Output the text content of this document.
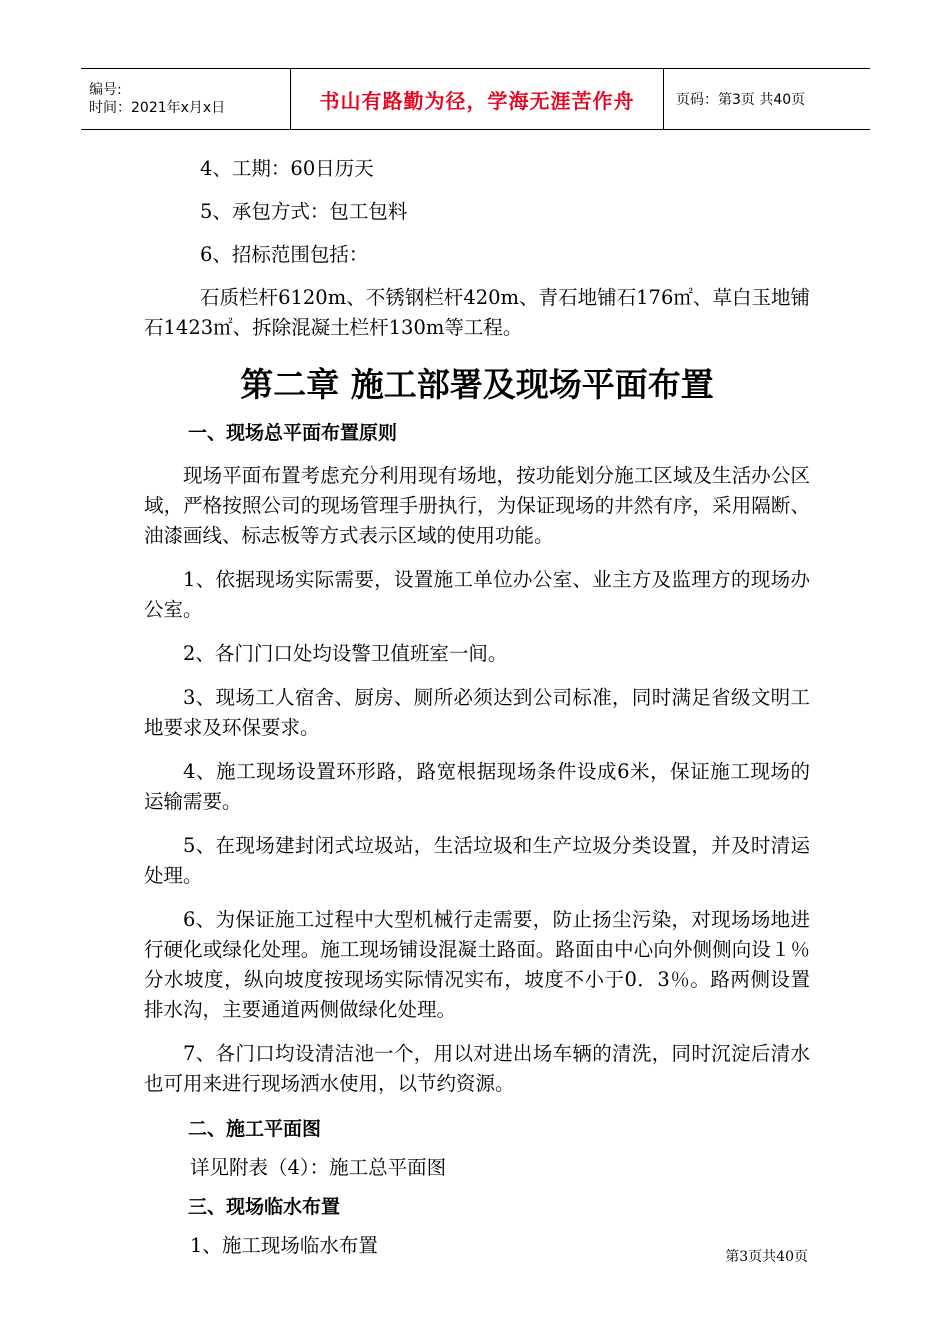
编号:
时间：2021年x月x日	书山有路勤为径，学海无涯苦作舟	页码：第3页 共40页

4、工期：60日历天

5、承包方式：包工包料

6、招标范围包括：

石质栏杆6120m、不锈钢栏杆420m、青石地铺石176㎡、草白玉地铺石1423㎡、拆除混凝土栏杆130m等工程。

第二章 施工部署及现场平面布置
一、现场总平面布置原则

现场平面布置考虑充分利用现有场地，按功能划分施工区域及生活办公区域，严格按照公司的现场管理手册执行，为保证现场的井然有序，采用隔断、油漆画线、标志板等方式表示区域的使用功能。

1、依据现场实际需要，设置施工单位办公室、业主方及监理方的现场办公室。

2、各门门口处均设警卫值班室一间。

3、现场工人宿舍、厨房、厕所必须达到公司标准，同时满足省级文明工地要求及环保要求。

4、施工现场设置环形路，路宽根据现场条件设成6米，保证施工现场的运输需要。

5、在现场建封闭式垃圾站，生活垃圾和生产垃圾分类设置，并及时清运处理。

6、为保证施工过程中大型机械行走需要，防止扬尘污染，对现场场地进行硬化或绿化处理。施工现场铺设混凝土路面。路面由中心向外侧侧向设１％分水坡度，纵向坡度按现场实际情况实布，坡度不小于0．3％。路两侧设置排水沟，主要通道两侧做绿化处理。

7、各门口均设清洁池一个，用以对进出场车辆的清洗，同时沉淀后清水也可用来进行现场洒水使用，以节约资源。

二、施工平面图

详见附表（4）：施工总平面图

三、现场临水布置

1、施工现场临水布置	第3页共40页
